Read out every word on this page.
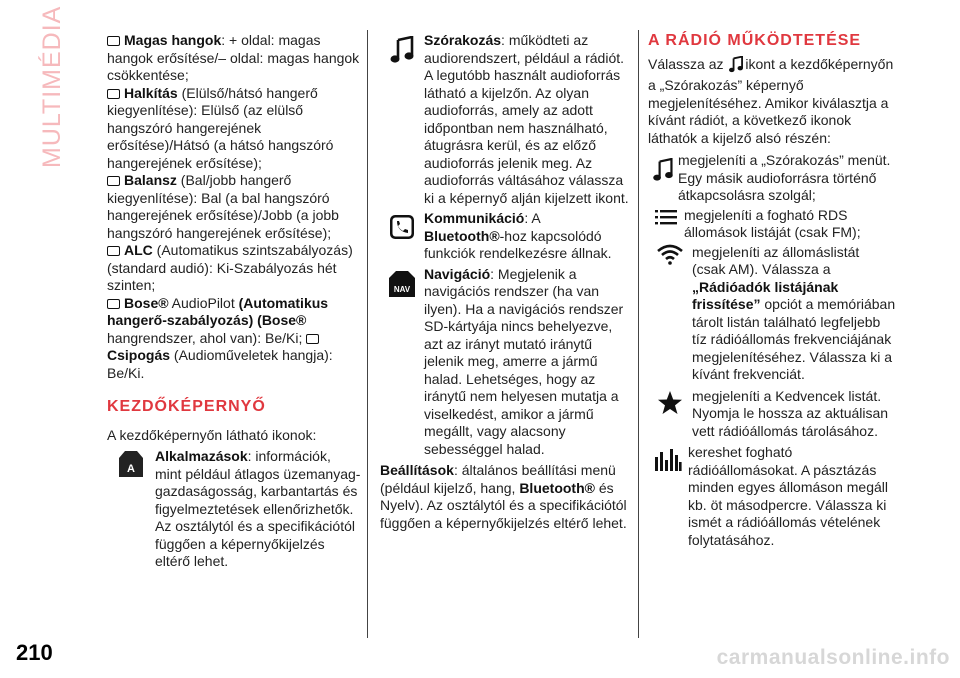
MULTIMÉDIA
210	carmanualsonline.info

Magas hangok: + oldal: magas hangok erősítése/– oldal: magas hangok csökkentése;

Halkítás (Elülső/hátsó hangerő kiegyenlítése): Elülső (az elülső hangszóró hangerejének erősítése)/Hátsó (a hátsó hangszóró hangerejének erősítése);

Balansz (Bal/jobb hangerő kiegyenlítése): Bal (a bal hangszóró hangerejének erősítése)/Jobb (a jobb hangszóró hangerejének erősítése);

ALC (Automatikus szintszabályozás) (standard audió): Ki-Szabályozás hét szinten;

Bose® AudioPilot (Automatikus hangerő-szabályozás) (Bose® hangrendszer, ahol van): Be/Ki; Csipogás (Audioműveletek hangja): Be/Ki.

KEZDŐKÉPERNYŐ

A kezdőképernyőn látható ikonok:

A
Alkalmazások: információk, mint például átlagos üzemanyag-gazdaságosság, karbantartás és figyelmeztetések ellenőrizhetők. Az osztálytól és a specifikációtól függően a képernyőkijelzés eltérő lehet.
Szórakozás: működteti az audiorendszert, például a rádiót. A legutóbb használt audioforrás látható a kijelzőn. Az olyan audioforrás, amely az adott időpontban nem használható, átugrásra kerül, és az előző audioforrás jelenik meg. Az audioforrás váltásához válassza ki a képernyő alján kijelzett ikont.
Kommunikáció: A
Bluetooth®-hoz kapcsolódó funkciók rendelkezésre állnak.
NAV
Navigáció: Megjelenik a navigációs rendszer (ha van ilyen). Ha a navigációs rendszer SD-kártyája nincs behelyezve, azt az irányt mutató iránytű jelenik meg, amerre a jármű halad. Lehetséges, hogy az iránytű nem helyesen mutatja a viselkedést, amikor a jármű megállt, vagy alacsony sebességgel halad.

Beállítások: általános beállítási menü (például kijelző, hang, Bluetooth® és Nyelv). Az osztálytól és a specifikációtól függően a képernyőkijelzés eltérő lehet.

A RÁDIÓ MŰKÖDTETÉSE

Válassza az ikont a kezdőképernyőn a „Szórakozás” képernyő megjelenítéséhez. Amikor kiválasztja a kívánt rádiót, a következő ikonok láthatók a kijelző alsó részén:

megjeleníti a „Szórakozás” menüt. Egy másik audioforrásra történő átkapcsolásra szolgál;
megjeleníti a fogható RDS állomások listáját (csak FM);
megjeleníti az állomáslistát (csak AM). Válassza a „Rádióadók listájának frissítése” opciót a memóriában tárolt listán található legfeljebb tíz rádióállomás frekvenciájának megjelenítéséhez. Válassza ki a kívánt frekvenciát.
megjeleníti a Kedvencek listát. Nyomja le hossza az aktuálisan vett rádióállomás tárolásához.
kereshet fogható rádióállomásokat. A pásztázás minden egyes állomáson megáll kb. öt másodpercre. Válassza ki ismét a rádióállomás vételének folytatásához.
